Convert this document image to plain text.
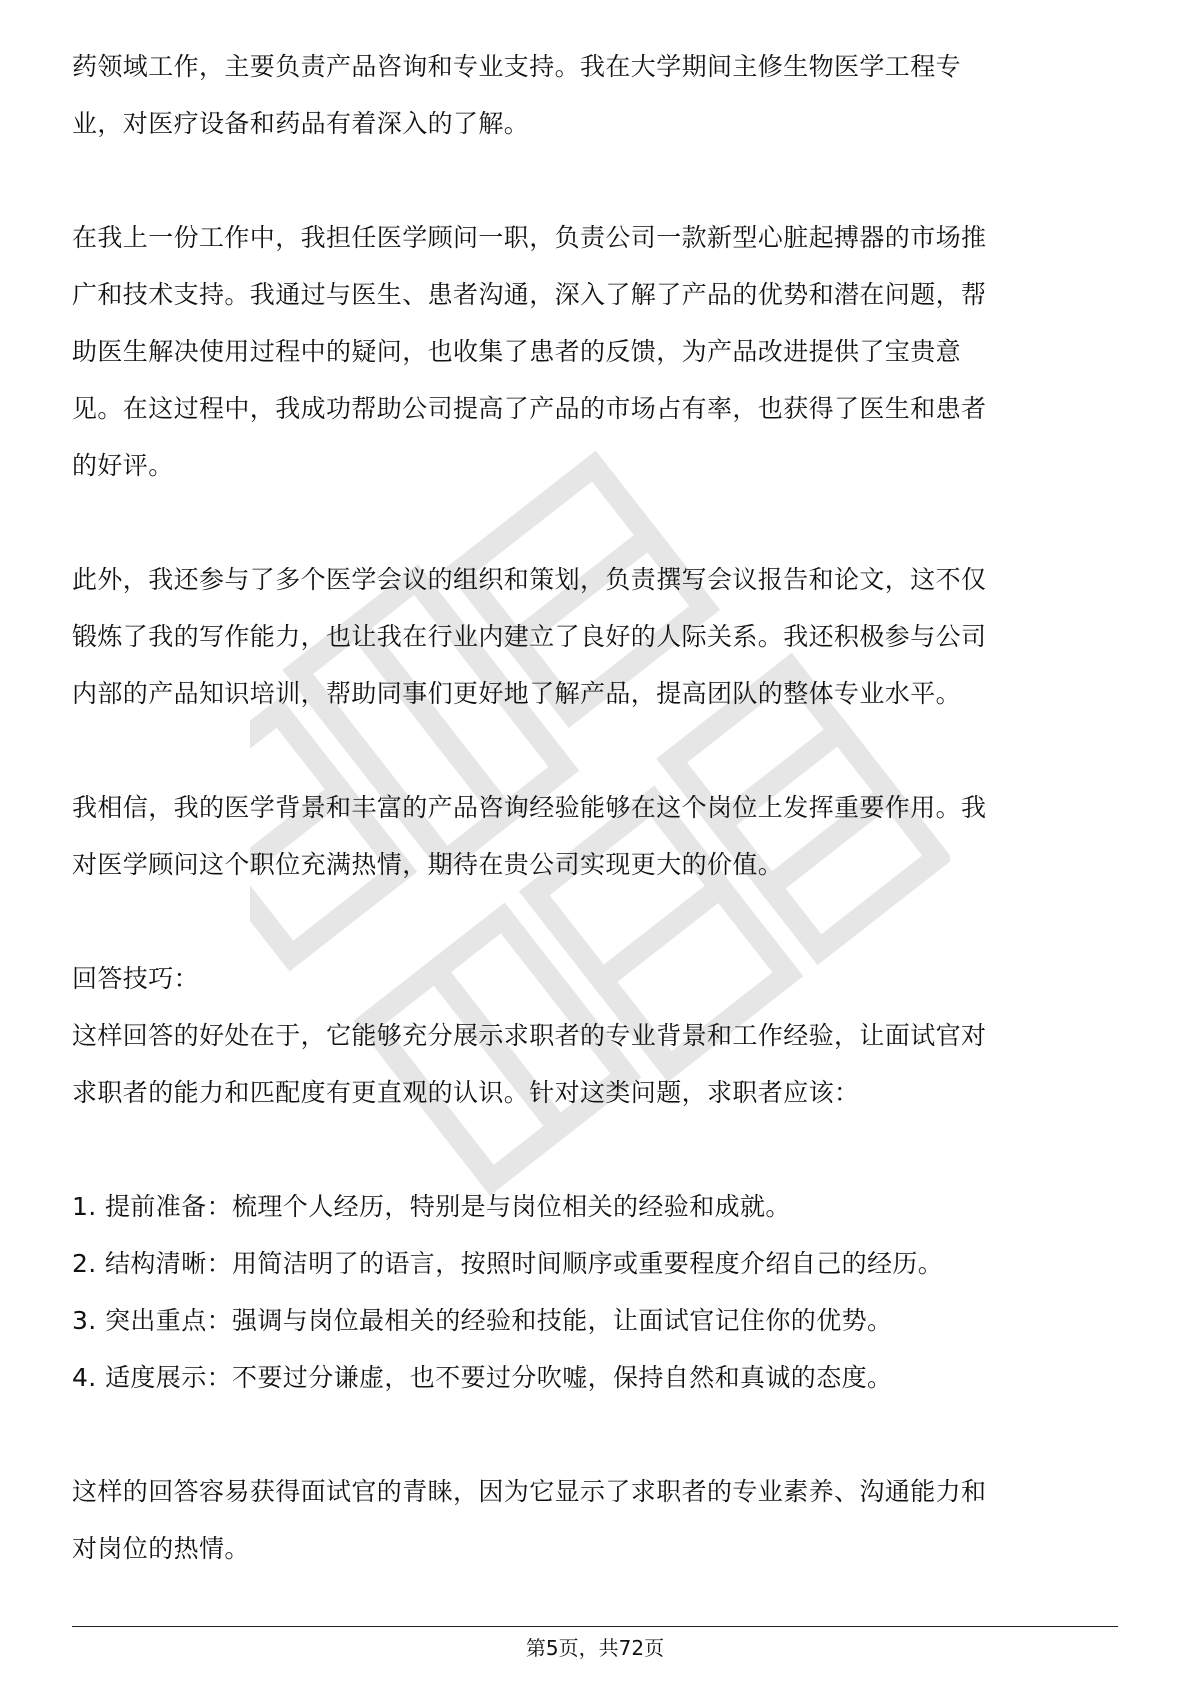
药领域工作，主要负责产品咨询和专业支持。我在大学期间主修生物医学工程专
业，对医疗设备和药品有着深入的了解。
在我上一份工作中，我担任医学顾问一职，负责公司一款新型心脏起搏器的市场推
广和技术支持。我通过与医生、患者沟通，深入了解了产品的优势和潜在问题，帮
助医生解决使用过程中的疑问，也收集了患者的反馈，为产品改进提供了宝贵意
见。在这过程中，我成功帮助公司提高了产品的市场占有率，也获得了医生和患者
的好评。
此外，我还参与了多个医学会议的组织和策划，负责撰写会议报告和论文，这不仅
锻炼了我的写作能力，也让我在行业内建立了良好的人际关系。我还积极参与公司
内部的产品知识培训，帮助同事们更好地了解产品，提高团队的整体专业水平。
我相信，我的医学背景和丰富的产品咨询经验能够在这个岗位上发挥重要作用。我
对医学顾问这个职位充满热情，期待在贵公司实现更大的价值。
回答技巧：
这样回答的好处在于，它能够充分展示求职者的专业背景和工作经验，让面试官对
求职者的能力和匹配度有更直观的认识。针对这类问题，求职者应该：
1. 提前准备：梳理个人经历，特别是与岗位相关的经验和成就。
2. 结构清晰：用简洁明了的语言，按照时间顺序或重要程度介绍自己的经历。
3. 突出重点：强调与岗位最相关的经验和技能，让面试官记住你的优势。
4. 适度展示：不要过分谦虚，也不要过分吹嘘，保持自然和真诚的态度。
这样的回答容易获得面试官的青睐，因为它显示了求职者的专业素养、沟通能力和
对岗位的热情。
第5页，共72页
